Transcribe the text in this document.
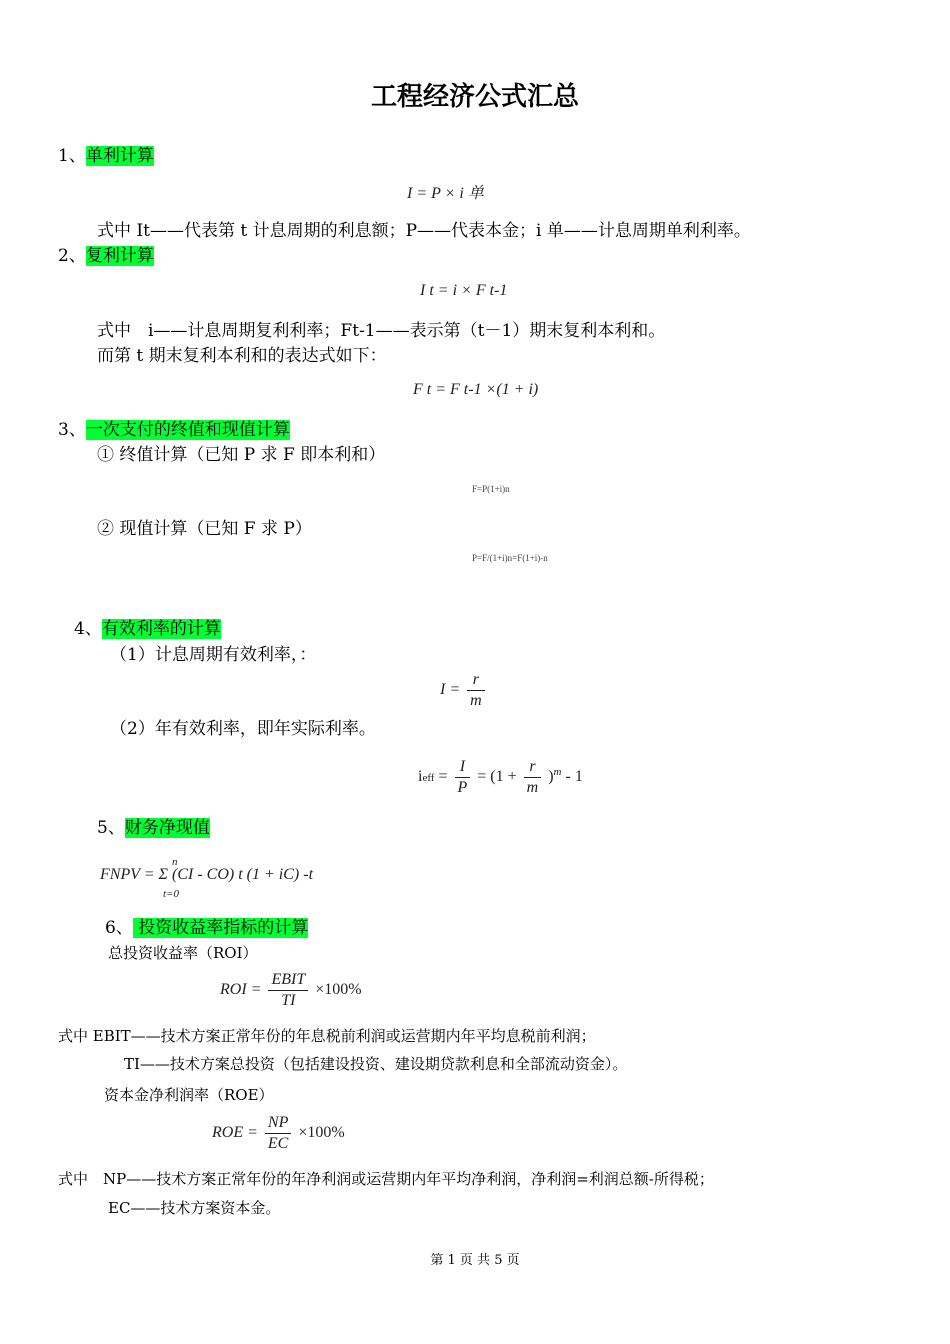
工程经济公式汇总
1、单利计算
I = P × i 单
式中 It——代表第 t 计息周期的利息额；P——代表本金；i 单——计息周期单利利率。
2、复利计算
I t = i × F t-1
式中　i——计息周期复利利率；Ft-1——表示第（t－1）期末复利本利和。
而第 t 期末复利本利和的表达式如下：
F t = F t-1 ×(1 + i)
3、一次支付的终值和现值计算
① 终值计算（已知 P 求 F 即本利和）
F=P(1+i)n
② 现值计算（已知 F 求 P）
P=F/(1+i)n=F(1+i)-n
4、有效利率的计算
（1）计息周期有效利率，：
$I = \frac{r}{m}$
（2）年有效利率，即年实际利率。
ieff = $\frac{I}{P} = (1 + \frac{r}{m} )^m - 1$
5、财务净现值
n
FNPV = Σ (CI - CO) t (1 + iC) -t
t=0
6、 投资收益率指标的计算
总投资收益率（ROI）
ROI = $\frac{\text{EBIT}}{TI} \times 100\%$
式中 EBIT——技术方案正常年份的年息税前利润或运营期内年平均息税前利润；
TI——技术方案总投资（包括建设投资、建设期贷款利息和全部流动资金）。
资本金净利润率（ROE）
ROE = $\frac{NP}{EC} \times 100\%$
式中　NP——技术方案正常年份的年净利润或运营期内年平均净利润，净利润=利润总额-所得税；
EC——技术方案资本金。
第 1 页 共 5 页
